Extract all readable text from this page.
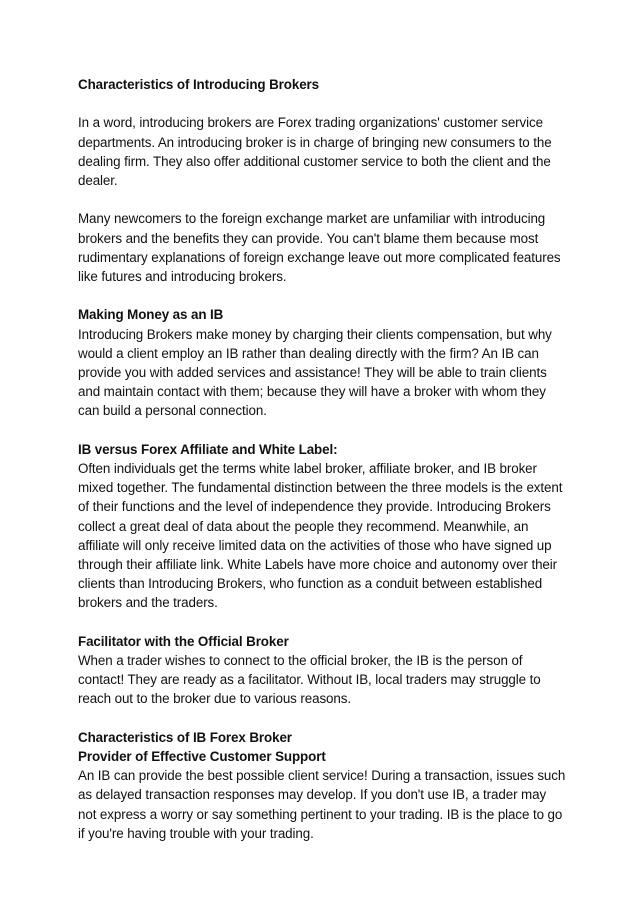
Characteristics of Introducing Brokers

In a word, introducing brokers are Forex trading organizations' customer service departments. An introducing broker is in charge of bringing new consumers to the dealing firm. They also offer additional customer service to both the client and the dealer.

Many newcomers to the foreign exchange market are unfamiliar with introducing brokers and the benefits they can provide. You can't blame them because most rudimentary explanations of foreign exchange leave out more complicated features like futures and introducing brokers.

Making Money as an IB

Introducing Brokers make money by charging their clients compensation, but why would a client employ an IB rather than dealing directly with the firm? An IB can provide you with added services and assistance! They will be able to train clients and maintain contact with them; because they will have a broker with whom they can build a personal connection.

IB versus Forex Affiliate and White Label:

Often individuals get the terms white label broker, affiliate broker, and IB broker mixed together. The fundamental distinction between the three models is the extent of their functions and the level of independence they provide. Introducing Brokers collect a great deal of data about the people they recommend. Meanwhile, an affiliate will only receive limited data on the activities of those who have signed up through their affiliate link. White Labels have more choice and autonomy over their clients than Introducing Brokers, who function as a conduit between established brokers and the traders.

Facilitator with the Official Broker

When a trader wishes to connect to the official broker, the IB is the person of contact! They are ready as a facilitator. Without IB, local traders may struggle to reach out to the broker due to various reasons.

Characteristics of IB Forex Broker

Provider of Effective Customer Support

An IB can provide the best possible client service! During a transaction, issues such as delayed transaction responses may develop. If you don't use IB, a trader may not express a worry or say something pertinent to your trading. IB is the place to go if you're having trouble with your trading.
